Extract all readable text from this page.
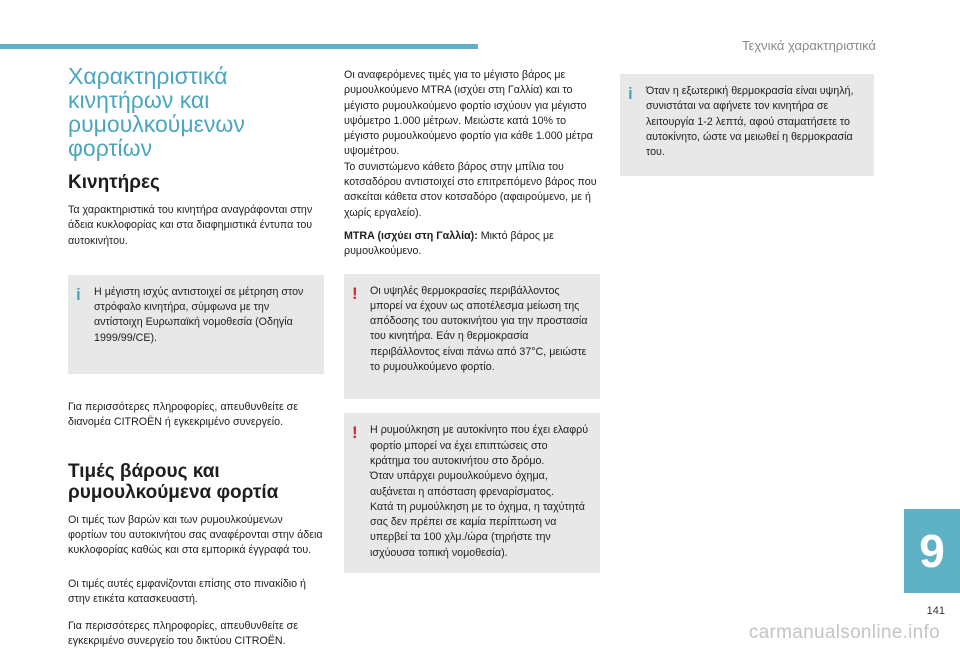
Τεχνικά χαρακτηριστικά
Χαρακτηριστικά
κινητήρων και
ρυμουλκούμενων φορτίων
Κινητήρες
Τα χαρακτηριστικά του κινητήρα αναγράφονται στην άδεια κυκλοφορίας και στα διαφημιστικά έντυπα του αυτοκινήτου.
i	Η μέγιστη ισχύς αντιστοιχεί σε μέτρηση στον στρόφαλο κινητήρα, σύμφωνα με την αντίστοιχη Ευρωπαϊκή νομοθεσία (Οδηγία 1999/99/CE).
Για περισσότερες πληροφορίες, απευθυνθείτε σε διανομέα CITROËN ή εγκεκριμένο συνεργείο.
Τιμές βάρους και ρυμουλκούμενα φορτία
Οι τιμές των βαρών και των ρυμουλκούμενων φορτίων του αυτοκινήτου σας αναφέρονται στην άδεια κυκλοφορίας καθώς και στα εμπορικά έγγραφά του.
Οι τιμές αυτές εμφανίζονται επίσης στο πινακίδιο ή στην ετικέτα κατασκευαστή.
Για περισσότερες πληροφορίες, απευθυνθείτε σε εγκεκριμένο συνεργείο του δικτύου CITROËN.
Οι αναφερόμενες τιμές για το μέγιστο βάρος με ρυμουλκούμενο MTRA (ισχύει στη Γαλλία) και το μέγιστο ρυμουλκούμενο φορτίο ισχύουν για μέγιστο υψόμετρο 1.000 μέτρων. Μειώστε κατά 10% το μέγιστο ρυμουλκούμενο φορτίο για κάθε 1.000 μέτρα υψομέτρου.
Το συνιστώμενο κάθετο βάρος στην μπίλια του κοτσαδόρου αντιστοιχεί στο επιτρεπόμενο βάρος που ασκείται κάθετα στον κοτσαδόρο (αφαιρούμενο, με ή χωρίς εργαλείο).
MTRA (ισχύει στη Γαλλία): Μικτό βάρος με ρυμουλκούμενο.
!	Οι υψηλές θερμοκρασίες περιβάλλοντος μπορεί να έχουν ως αποτέλεσμα μείωση της απόδοσης του αυτοκινήτου για την προστασία του κινητήρα. Εάν η θερμοκρασία περιβάλλοντος είναι πάνω από 37°C, μειώστε το ρυμουλκούμενο φορτίο.
!	Η ρυμούλκηση με αυτοκίνητο που έχει ελαφρύ φορτίο μπορεί να έχει επιπτώσεις στο κράτημα του αυτοκινήτου στο δρόμο.
Όταν υπάρχει ρυμουλκούμενο όχημα, αυξάνεται η απόσταση φρεναρίσματος.
Κατά τη ρυμούλκηση με το όχημα, η ταχύτητά σας δεν πρέπει σε καμία περίπτωση να υπερβεί τα 100 χλμ./ώρα (τηρήστε την ισχύουσα τοπική νομοθεσία).
i	Όταν η εξωτερική θερμοκρασία είναι υψηλή, συνιστάται να αφήνετε τον κινητήρα σε λειτουργία 1-2 λεπτά, αφού σταματήσετε το αυτοκίνητο, ώστε να μειωθεί η θερμοκρασία του.
9
141
carmanualsonline.info
